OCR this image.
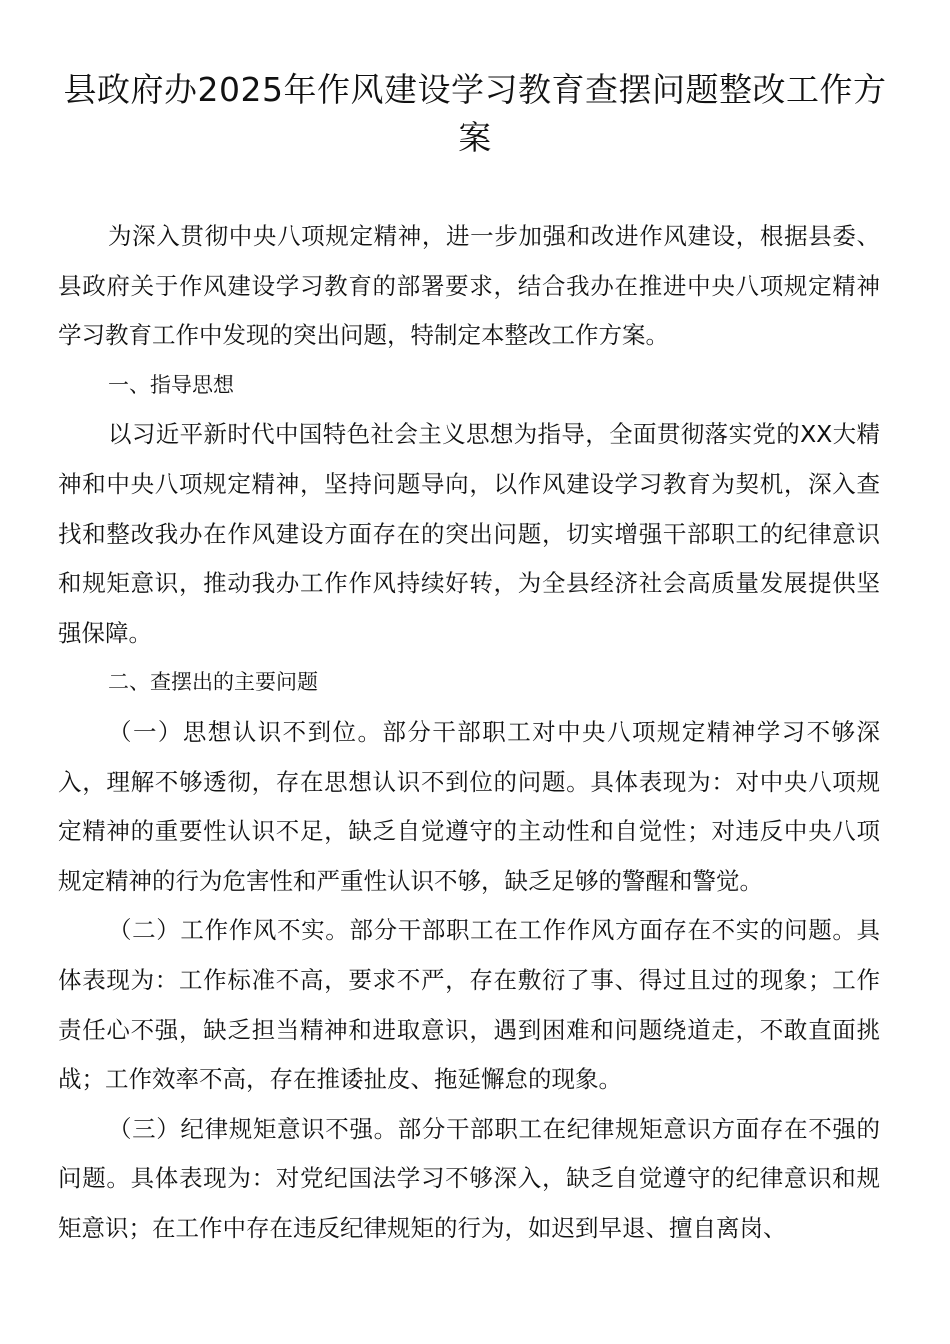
县政府办2025年作风建设学习教育查摆问题整改工作方案

为深入贯彻中央八项规定精神，进一步加强和改进作风建设，根据县委、县政府关于作风建设学习教育的部署要求，结合我办在推进中央八项规定精神学习教育工作中发现的突出问题，特制定本整改工作方案。

一、指导思想

以习近平新时代中国特色社会主义思想为指导，全面贯彻落实党的XX大精神和中央八项规定精神，坚持问题导向，以作风建设学习教育为契机，深入查找和整改我办在作风建设方面存在的突出问题，切实增强干部职工的纪律意识和规矩意识，推动我办工作作风持续好转，为全县经济社会高质量发展提供坚强保障。

二、查摆出的主要问题

（一）思想认识不到位。部分干部职工对中央八项规定精神学习不够深入，理解不够透彻，存在思想认识不到位的问题。具体表现为：对中央八项规定精神的重要性认识不足，缺乏自觉遵守的主动性和自觉性；对违反中央八项规定精神的行为危害性和严重性认识不够，缺乏足够的警醒和警觉。

（二）工作作风不实。部分干部职工在工作作风方面存在不实的问题。具体表现为：工作标准不高，要求不严，存在敷衍了事、得过且过的现象；工作责任心不强，缺乏担当精神和进取意识，遇到困难和问题绕道走，不敢直面挑战；工作效率不高，存在推诿扯皮、拖延懈怠的现象。

（三）纪律规矩意识不强。部分干部职工在纪律规矩意识方面存在不强的问题。具体表现为：对党纪国法学习不够深入，缺乏自觉遵守的纪律意识和规矩意识；在工作中存在违反纪律规矩的行为，如迟到早退、擅自离岗、
